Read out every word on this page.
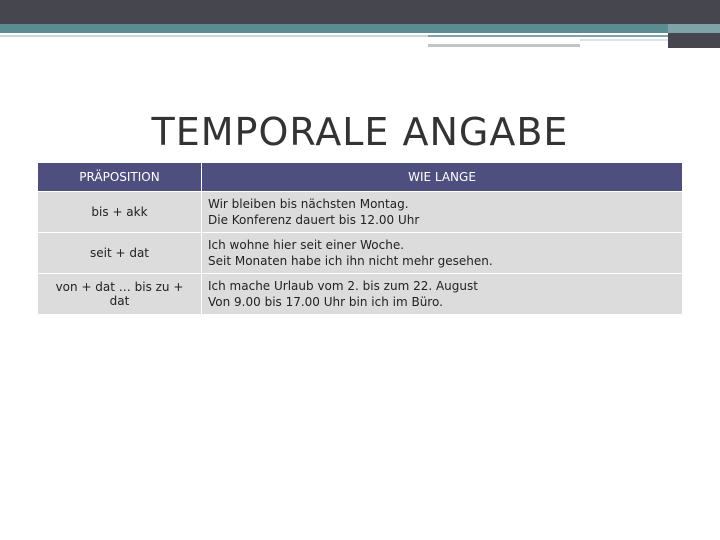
TEMPORALE ANGABE
PRÄPOSITION	WIE LANGE
bis + akk	Wir bleiben bis nächsten Montag.
Die Konferenz dauert bis 12.00 Uhr

seit + dat	Ich wohne hier seit einer Woche.
Seit Monaten habe ich ihn nicht mehr gesehen.

von + dat … bis zu + dat	Ich mache Urlaub vom 2. bis zum 22. August
Von 9.00 bis 17.00 Uhr bin ich im Büro.
